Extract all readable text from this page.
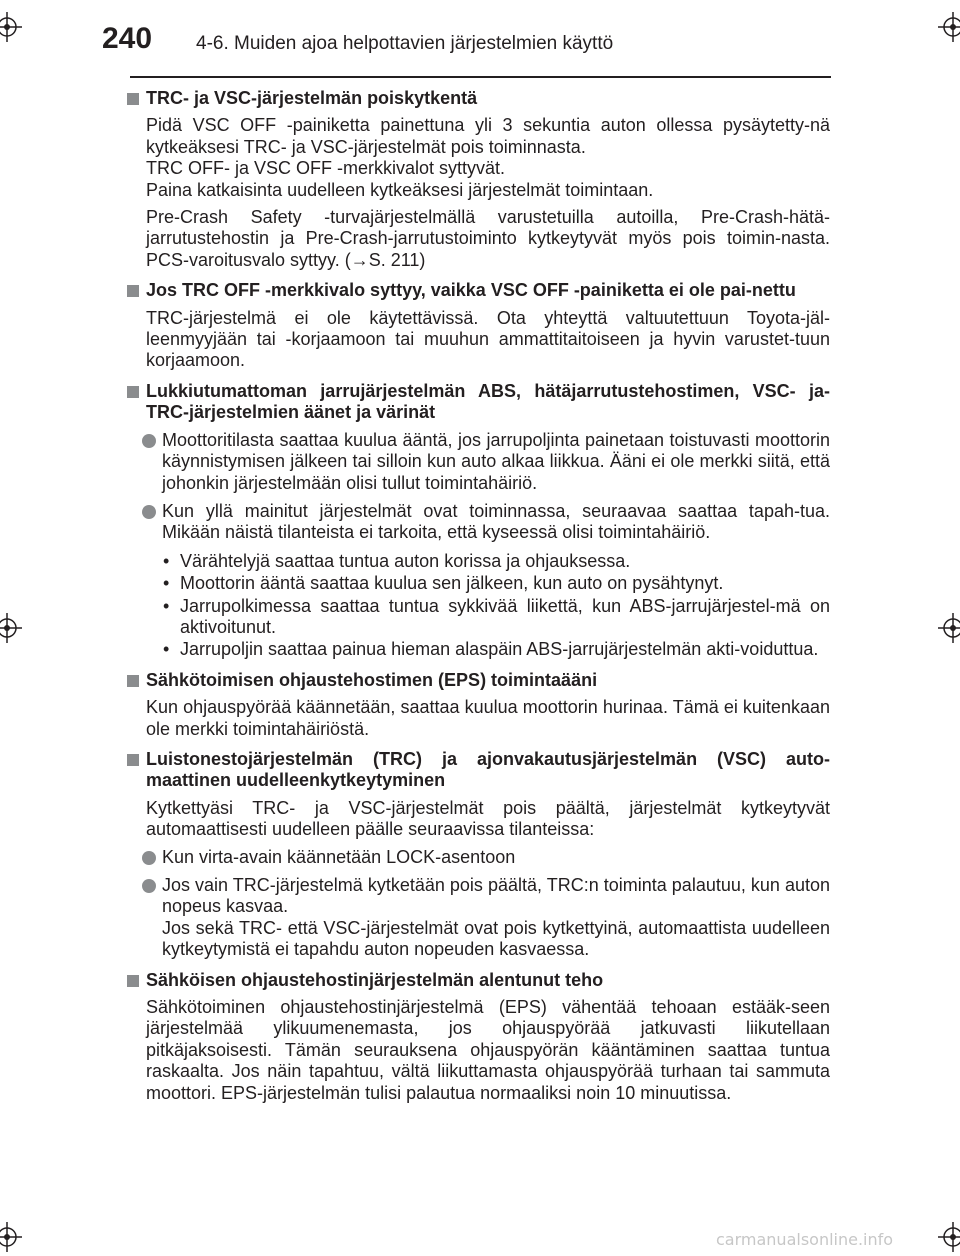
240 4-6. Muiden ajoa helpottavien järjestelmien käyttö
TRC- ja VSC-järjestelmän poiskytkentä
Pidä VSC OFF -painiketta painettuna yli 3 sekuntia auton ollessa pysäytetty-nä kytkeäksesi TRC- ja VSC-järjestelmät pois toiminnasta.
TRC OFF- ja VSC OFF -merkkivalot syttyvät.
Paina katkaisinta uudelleen kytkeäksesi järjestelmät toimintaan.
Pre-Crash Safety -turvajärjestelmällä varustetuilla autoilla, Pre-Crash-hätä-jarrutustehostin ja Pre-Crash-jarrutustoiminto kytkeytyvät myös pois toimin-nasta. PCS-varoitusvalo syttyy. (→S. 211)
Jos TRC OFF -merkkivalo syttyy, vaikka VSC OFF -painiketta ei ole pai-nettu
TRC-järjestelmä ei ole käytettävissä. Ota yhteyttä valtuutettuun Toyota-jäl-leenmyyjään tai -korjaamoon tai muuhun ammattitaitoiseen ja hyvin varustet-tuun korjaamoon.
Lukkiutumattoman jarrujärjestelmän ABS, hätäjarrutustehostimen, VSC- ja- TRC-järjestelmien äänet ja värinät
Moottoritilasta saattaa kuulua ääntä, jos jarrupoljinta painetaan toistuvasti moottorin käynnistymisen jälkeen tai silloin kun auto alkaa liikkua. Ääni ei ole merkki siitä, että johonkin järjestelmään olisi tullut toimintahäiriö.
Kun yllä mainitut järjestelmät ovat toiminnassa, seuraavaa saattaa tapah-tua. Mikään näistä tilanteista ei tarkoita, että kyseessä olisi toimintahäiriö.
• Värähtelyjä saattaa tuntua auton korissa ja ohjauksessa.
• Moottorin ääntä saattaa kuulua sen jälkeen, kun auto on pysähtynyt.
• Jarrupolkimessa saattaa tuntua sykkivää liikettä, kun ABS-jarrujärjestel-mä on aktivoitunut.
• Jarrupoljin saattaa painua hieman alaspäin ABS-jarrujärjestelmän akti-voiduttua.
Sähkötoimisen ohjaustehostimen (EPS) toimintaääni
Kun ohjauspyörää käännetään, saattaa kuulua moottorin hurinaa. Tämä ei kuitenkaan ole merkki toimintahäiriöstä.
Luistonestojärjestelmän (TRC) ja ajonvakautusjärjestelmän (VSC) auto-maattinen uudelleenkytkeytyminen
Kytkettyäsi TRC- ja VSC-järjestelmät pois päältä, järjestelmät kytkeytyvät automaattisesti uudelleen päälle seuraavissa tilanteissa:
Kun virta-avain käännetään LOCK-asentoon
Jos vain TRC-järjestelmä kytketään pois päältä, TRC:n toiminta palautuu, kun auton nopeus kasvaa.
Jos sekä TRC- että VSC-järjestelmät ovat pois kytkettyinä, automaattista uudelleen kytkeytymistä ei tapahdu auton nopeuden kasvaessa.
Sähköisen ohjaustehostinjärjestelmän alentunut teho
Sähkötoiminen ohjaustehostinjärjestelmä (EPS) vähentää tehoaan estääk-seen järjestelmää ylikuumenemasta, jos ohjauspyörää jatkuvasti liikutellaan pitkäjaksoisesti. Tämän seurauksena ohjauspyörän kääntäminen saattaa tuntua raskaalta. Jos näin tapahtuu, vältä liikuttamasta ohjauspyörää turhaan tai sammuta moottori. EPS-järjestelmän tulisi palautua normaaliksi noin 10 minuutissa.
carmanualsonline.info
